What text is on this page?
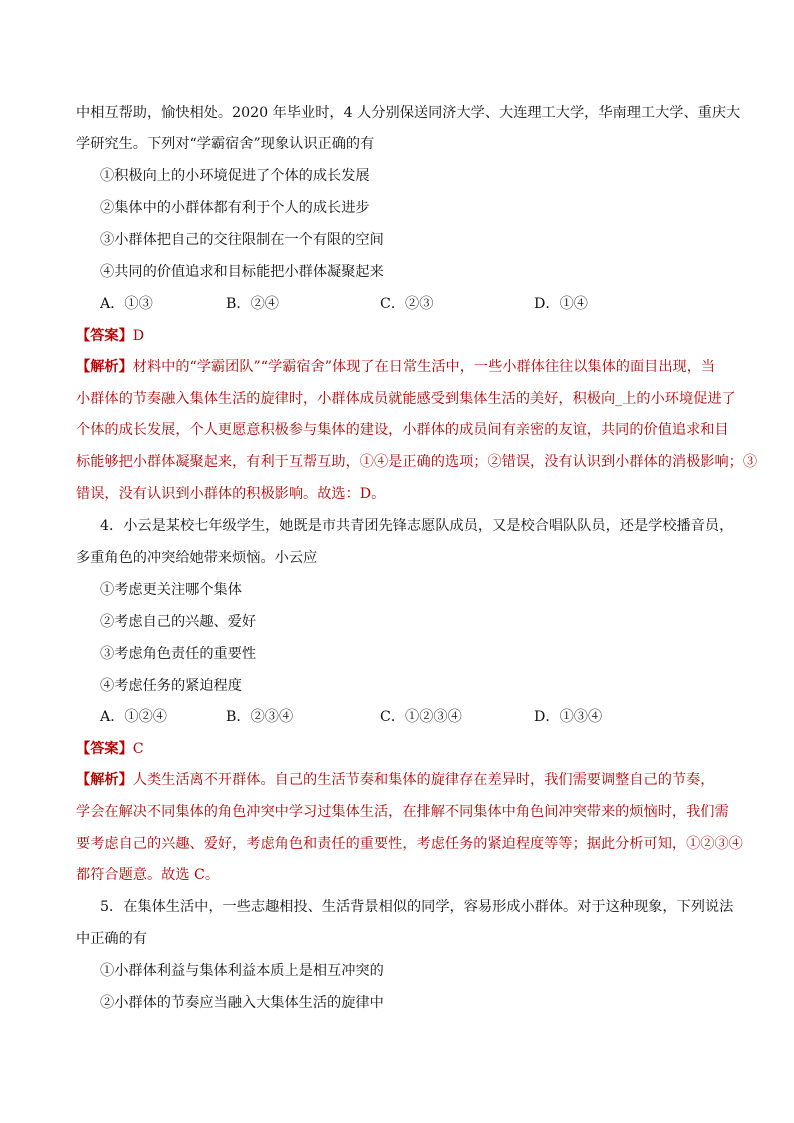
中相互帮助，愉快相处。2020 年毕业时，4 人分别保送同济大学、大连理工大学，华南理工大学、重庆大
学研究生。下列对“学霸宿舍”现象认识正确的有
①积极向上的小环境促进了个体的成长发展
②集体中的小群体都有利于个人的成长进步
③小群体把自己的交往限制在一个有限的空间
④共同的价值追求和目标能把小群体凝聚起来
A．①③	B．②④	C．②③	D．①④
【答案】D
【解析】材料中的“学霸团队”“学霸宿舍”体现了在日常生活中，一些小群体往往以集体的面目出现，当
小群体的节奏融入集体生活的旋律时，小群体成员就能感受到集体生活的美好，积极向_上的小环境促进了
个体的成长发展，个人更愿意积极参与集体的建设，小群体的成员间有亲密的友谊，共同的价值追求和目
标能够把小群体凝聚起来，有利于互帮互助，①④是正确的选项；②错误，没有认识到小群体的消极影响；③
错误，没有认识到小群体的积极影响。故选：D。
4．小云是某校七年级学生，她既是市共青团先锋志愿队成员，又是校合唱队队员，还是学校播音员，
多重角色的冲突给她带来烦恼。小云应
①考虑更关注哪个集体
②考虑自己的兴趣、爱好
③考虑角色责任的重要性
④考虑任务的紧迫程度
A．①②④	B．②③④	C．①②③④	D．①③④
【答案】C
【解析】人类生活离不开群体。自己的生活节奏和集体的旋律存在差异时，我们需要调整自己的节奏，
学会在解决不同集体的角色冲突中学习过集体生活，在排解不同集体中角色间冲突带来的烦恼时，我们需
要考虑自己的兴趣、爱好，考虑角色和责任的重要性，考虑任务的紧迫程度等等；据此分析可知，①②③④
都符合题意。故选 C。
5．在集体生活中，一些志趣相投、生活背景相似的同学，容易形成小群体。对于这种现象，下列说法
中正确的有
①小群体利益与集体利益本质上是相互冲突的
②小群体的节奏应当融入大集体生活的旋律中
